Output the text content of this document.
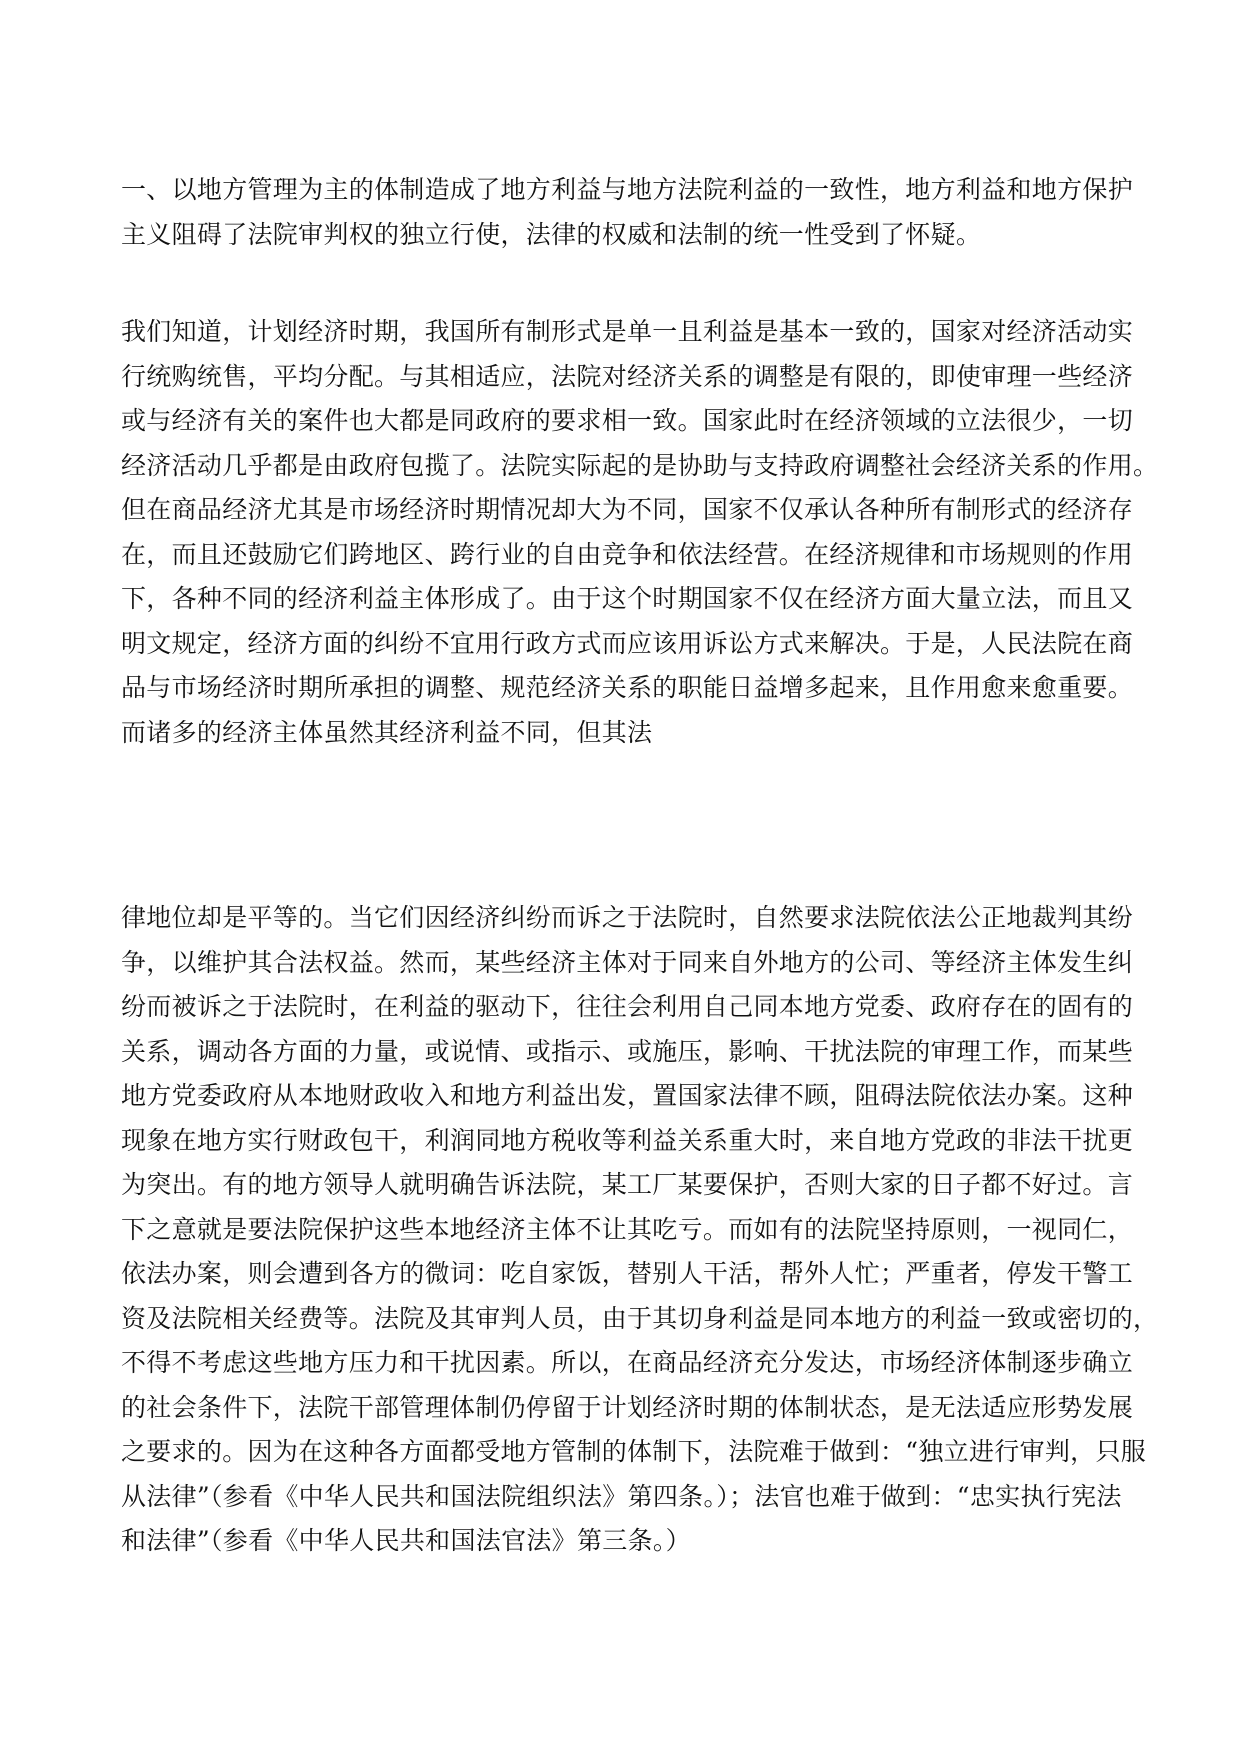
一、以地方管理为主的体制造成了地方利益与地方法院利益的一致性，地方利益和地方保护
主义阻碍了法院审判权的独立行使，法律的权威和法制的统一性受到了怀疑。
我们知道，计划经济时期，我国所有制形式是单一且利益是基本一致的，国家对经济活动实
行统购统售，平均分配。与其相适应，法院对经济关系的调整是有限的，即使审理一些经济
或与经济有关的案件也大都是同政府的要求相一致。国家此时在经济领域的立法很少，一切
经济活动几乎都是由政府包揽了。法院实际起的是协助与支持政府调整社会经济关系的作用。
但在商品经济尤其是市场经济时期情况却大为不同，国家不仅承认各种所有制形式的经济存
在，而且还鼓励它们跨地区、跨行业的自由竞争和依法经营。在经济规律和市场规则的作用
下，各种不同的经济利益主体形成了。由于这个时期国家不仅在经济方面大量立法，而且又
明文规定，经济方面的纠纷不宜用行政方式而应该用诉讼方式来解决。于是，人民法院在商
品与市场经济时期所承担的调整、规范经济关系的职能日益增多起来，且作用愈来愈重要。
而诸多的经济主体虽然其经济利益不同，但其法
律地位却是平等的。当它们因经济纠纷而诉之于法院时，自然要求法院依法公正地裁判其纷
争，以维护其合法权益。然而，某些经济主体对于同来自外地方的公司、等经济主体发生纠
纷而被诉之于法院时，在利益的驱动下，往往会利用自己同本地方党委、政府存在的固有的
关系，调动各方面的力量，或说情、或指示、或施压，影响、干扰法院的审理工作，而某些
地方党委政府从本地财政收入和地方利益出发，置国家法律不顾，阻碍法院依法办案。这种
现象在地方实行财政包干，利润同地方税收等利益关系重大时，来自地方党政的非法干扰更
为突出。有的地方领导人就明确告诉法院，某工厂某要保护，否则大家的日子都不好过。言
下之意就是要法院保护这些本地经济主体不让其吃亏。而如有的法院坚持原则，一视同仁，
依法办案，则会遭到各方的微词：吃自家饭，替别人干活，帮外人忙；严重者，停发干警工
资及法院相关经费等。法院及其审判人员，由于其切身利益是同本地方的利益一致或密切的，
不得不考虑这些地方压力和干扰因素。所以，在商品经济充分发达，市场经济体制逐步确立
的社会条件下，法院干部管理体制仍停留于计划经济时期的体制状态，是无法适应形势发展
之要求的。因为在这种各方面都受地方管制的体制下，法院难于做到：“独立进行审判，只服
从法律”（参看《中华人民共和国法院组织法》第四条。）；法官也难于做到：“忠实执行宪法
和法律”（参看《中华人民共和国法官法》第三条。）
